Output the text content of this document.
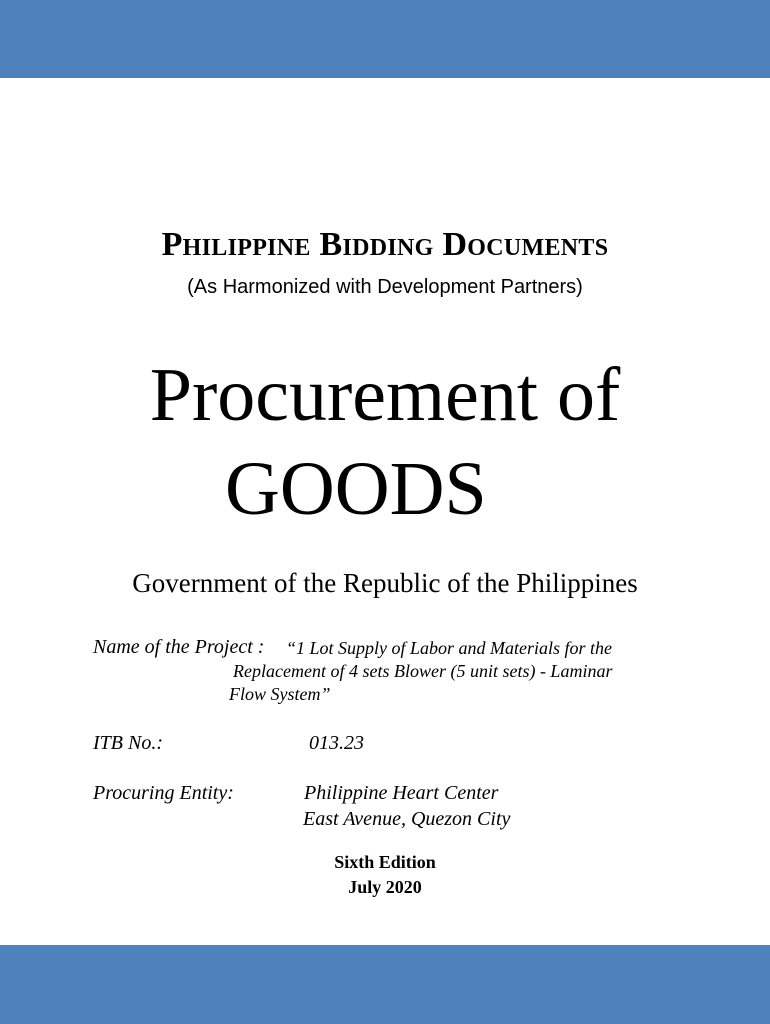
Philippine Bidding Documents
(As Harmonized with Development Partners)
Procurement of
GOODS
Government of the Republic of the Philippines
Name of the Project : “1 Lot Supply of Labor and Materials for the
Replacement of 4 sets Blower (5 unit sets) - Laminar
Flow System”
ITB No.:	013.23
Procuring Entity:	Philippine Heart Center
East Avenue, Quezon City
Sixth Edition
July 2020
